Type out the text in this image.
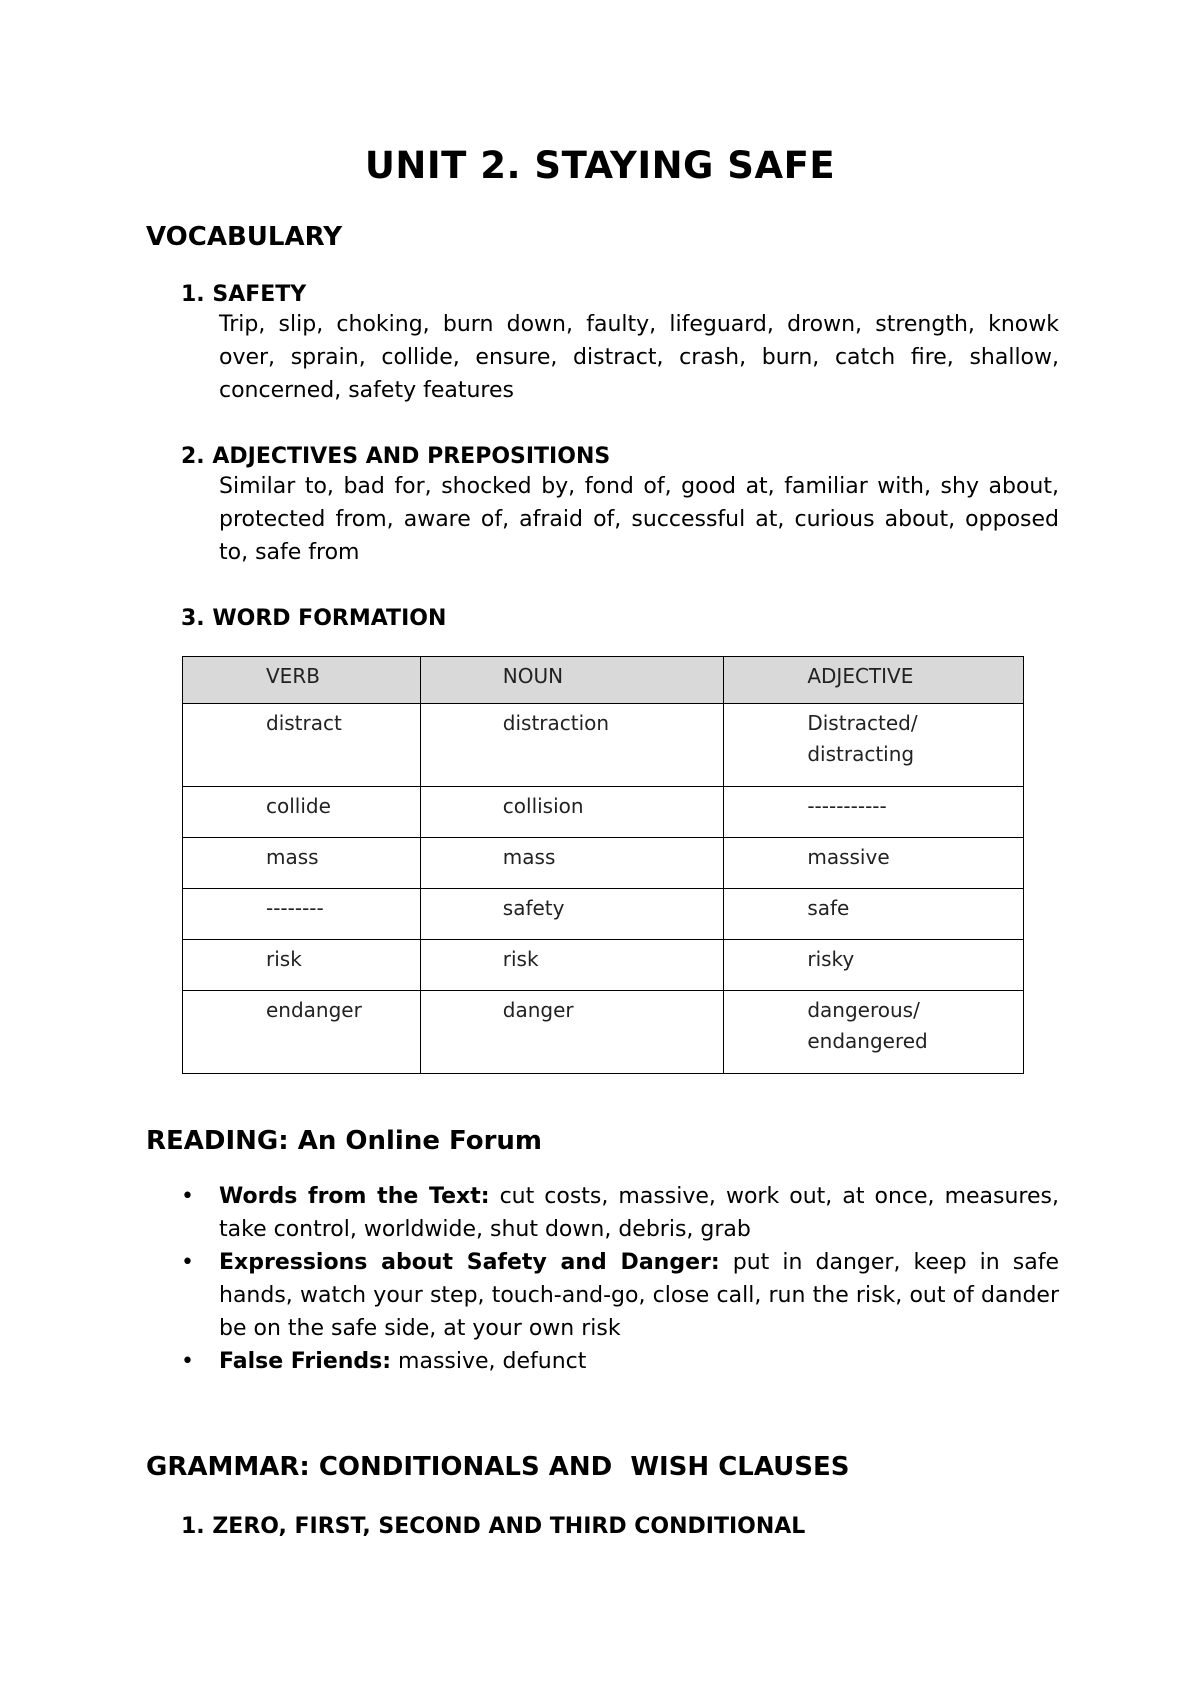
UNIT 2. STAYING SAFE
VOCABULARY
1. SAFETY

Trip, slip, choking, burn down, faulty, lifeguard, drown, strength, knowk over, sprain, collide, ensure, distract, crash, burn, catch fire, shallow, concerned, safety features

2. ADJECTIVES AND PREPOSITIONS

Similar to, bad for, shocked by, fond of, good at, familiar with, shy about, protected from, aware of, afraid of, successful at, curious about, opposed to, safe from

3. WORD FORMATION
VERB	NOUN	ADJECTIVE
distract	distraction	Distracted/
distracting
collide	collision	-----------
mass	mass	massive
--------	safety	safe
risk	risk	risky
endanger	danger	dangerous/
endangered
READING: An Online Forum
• Words from the Text: cut costs, massive, work out, at once, measures, take control, worldwide, shut down, debris, grab
• Expressions about Safety and Danger: put in danger, keep in safe hands, watch your step, touch-and-go, close call, run the risk, out of dander be on the safe side, at your own risk
• False Friends: massive, defunct
GRAMMAR: CONDITIONALS AND  WISH CLAUSES
1. ZERO, FIRST, SECOND AND THIRD CONDITIONAL
